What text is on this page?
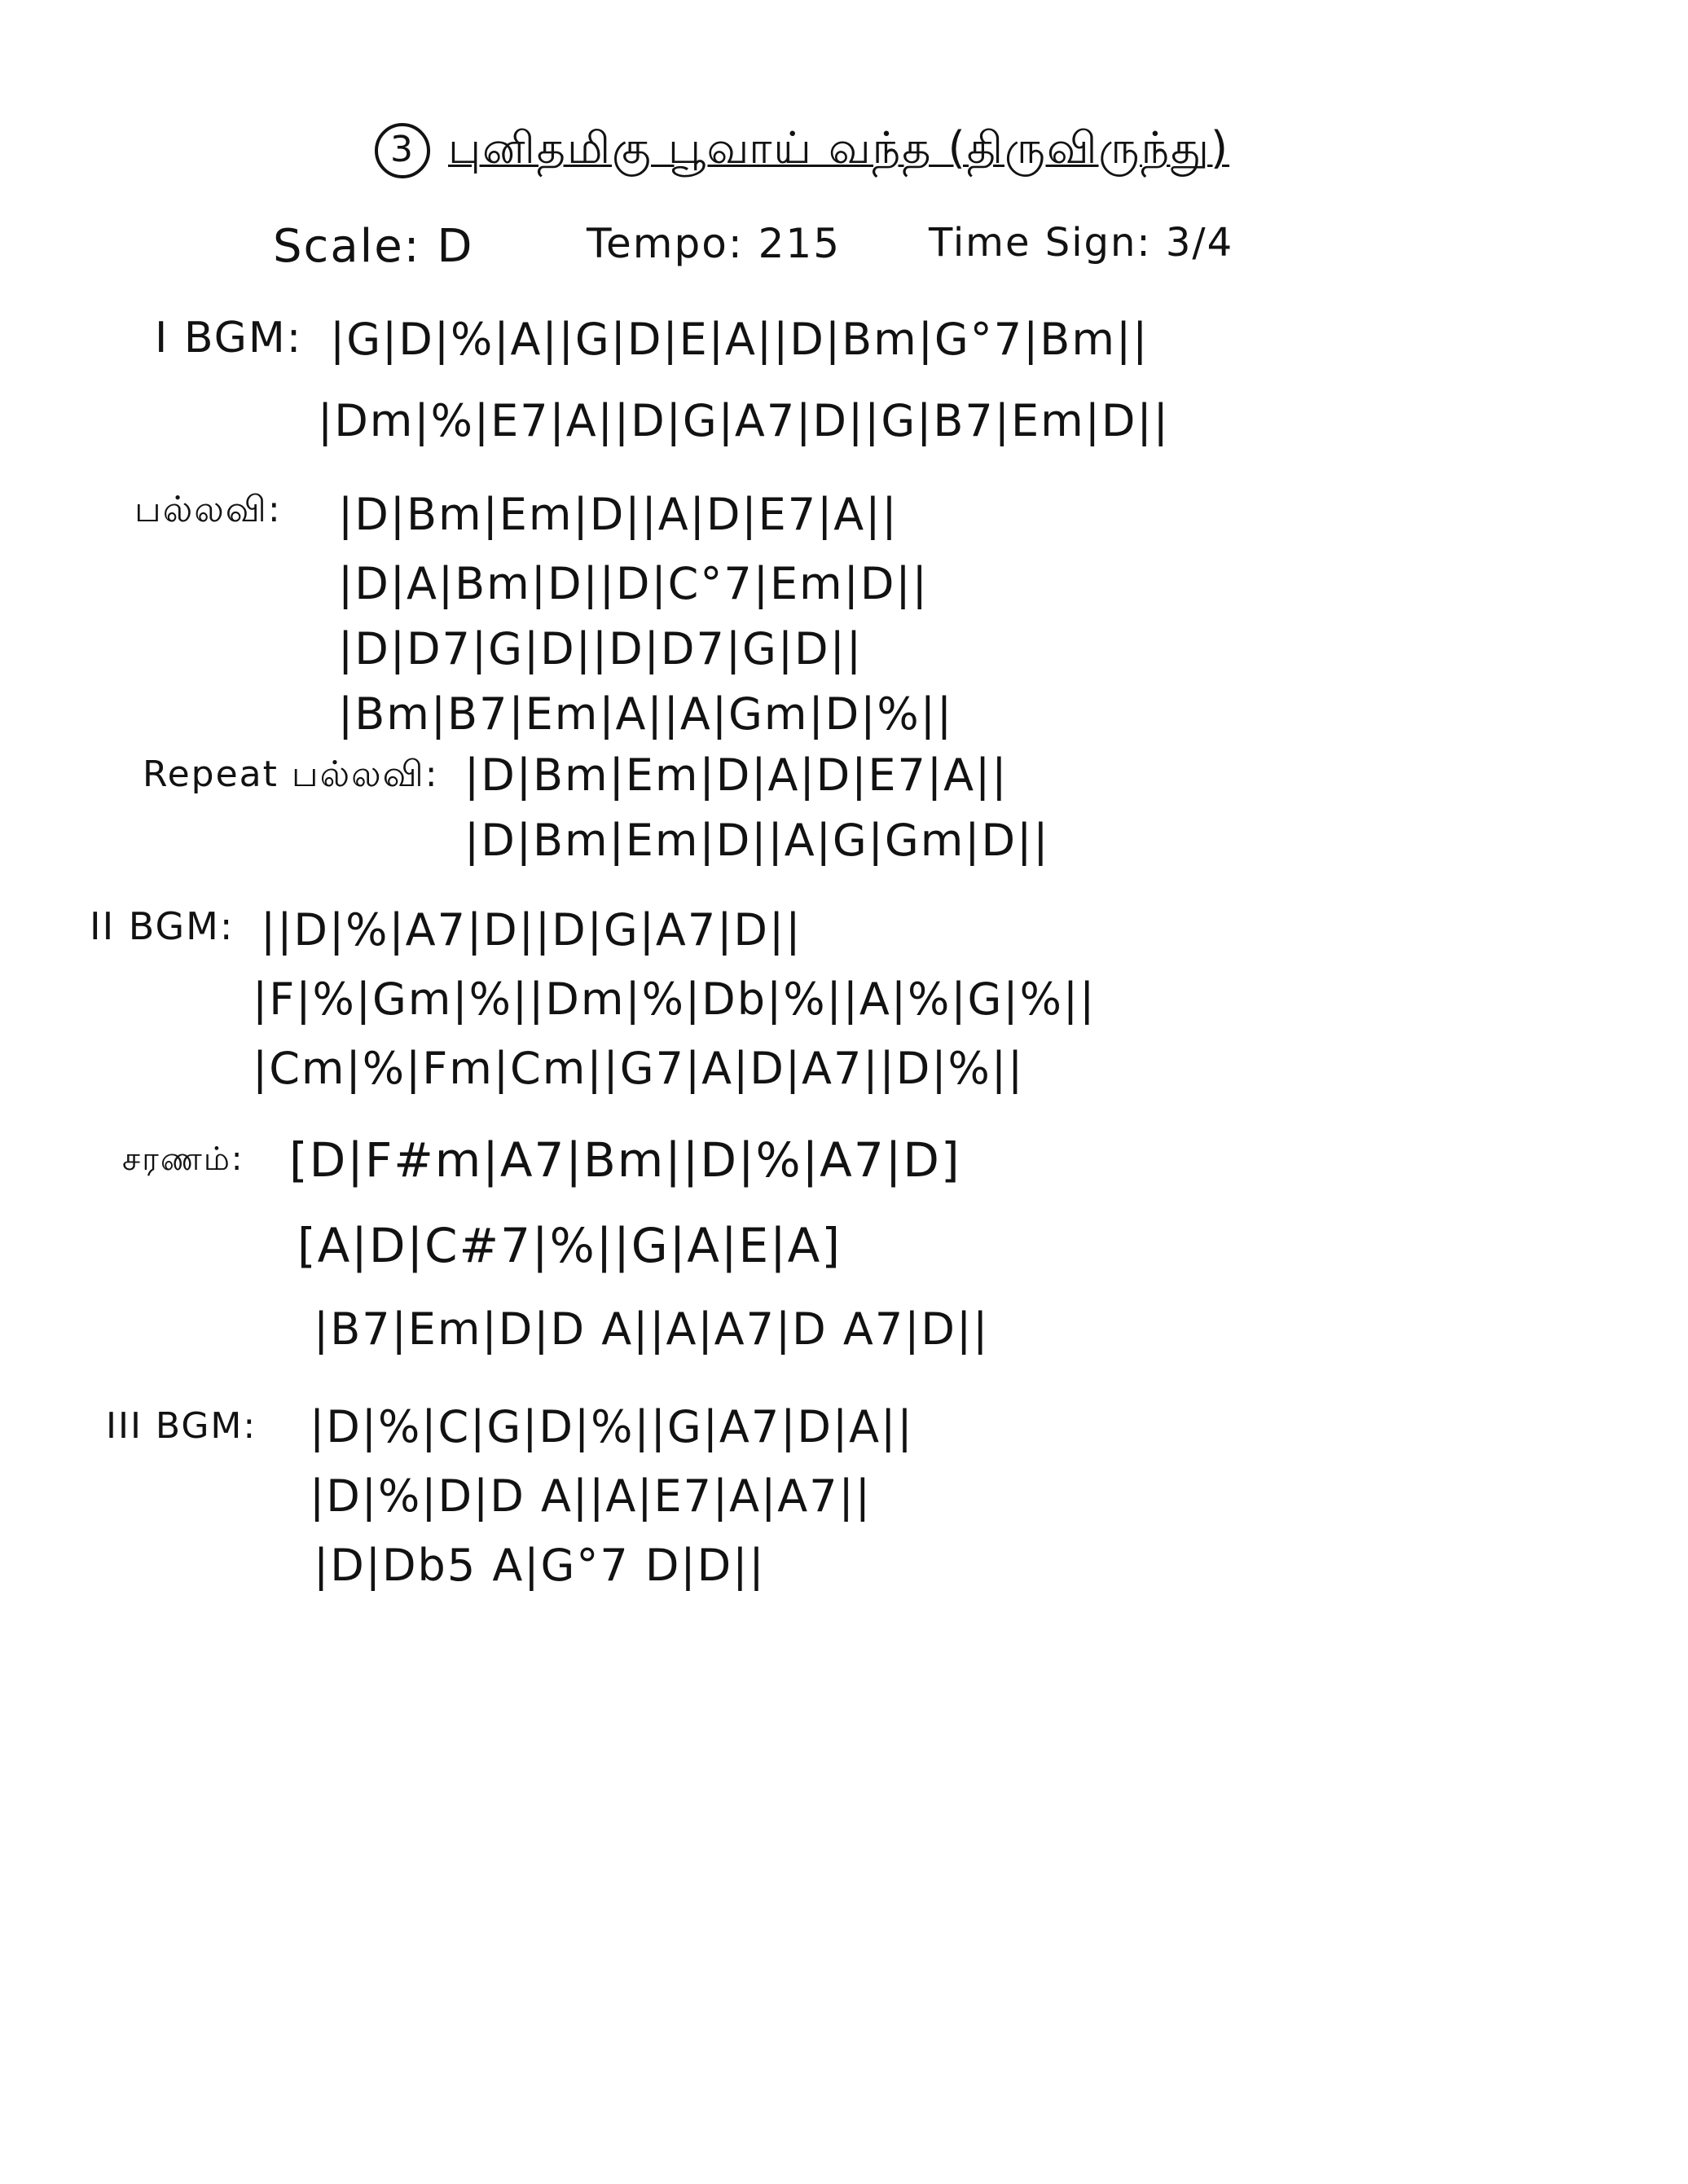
3 புனிதமிகு பூவாய் வந்த (திருவிருந்து)
Scale: D	Tempo: 215 Time Sign: 3/4
I BGM: |G|D|%|A||G|D|E|A||D|Bm|G°7|Bm||
|Dm|%|E7|A||D|G|A7|D||G|B7|Em|D||
பல்லவி: |D|Bm|Em|D||A|D|E7|A||
|D|A|Bm|D||D|C°7|Em|D||
|D|D7|G|D||D|D7|G|D||
|Bm|B7|Em|A||A|Gm|D|%||
Repeat பல்லவி: |D|Bm|Em|D|A|D|E7|A||
|D|Bm|Em|D||A|G|Gm|D||
II BGM: ||D|%|A7|D||D|G|A7|D||
|F|%|Gm|%||Dm|%|Db|%||A|%|G|%||
|Cm|%|Fm|Cm||G7|A|D|A7||D|%||
சரணம்: [D|F#m|A7|Bm||D|%|A7|D]
[A|D|C#7|%||G|A|E|A]
|B7|Em|D|D A||A|A7|D A7|D||
III BGM: |D|%|C|G|D|%||G|A7|D|A||
|D|%|D|D A||A|E7|A|A7||
|D|Db5 A|G°7 D|D||
